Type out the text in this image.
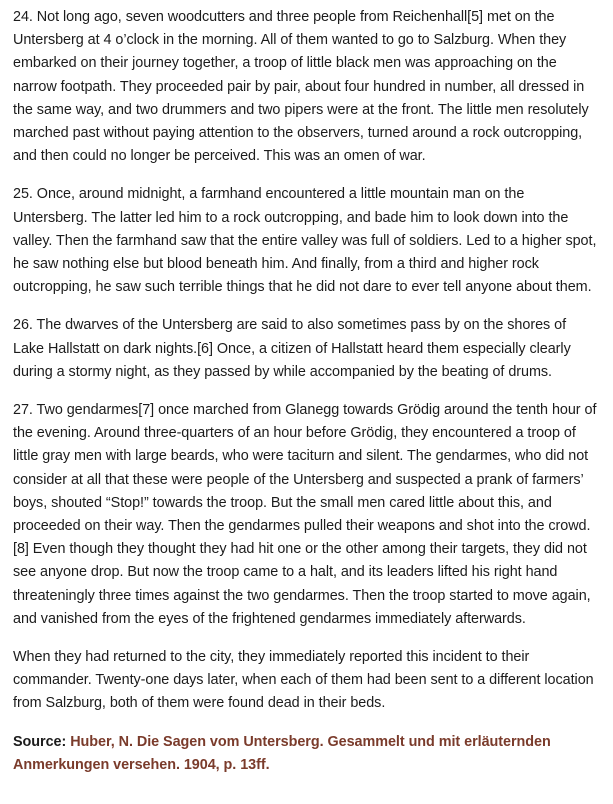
24. Not long ago, seven woodcutters and three people from Reichenhall[5] met on the Untersberg at 4 o’clock in the morning. All of them wanted to go to Salzburg. When they embarked on their journey together, a troop of little black men was approaching on the narrow footpath. They proceeded pair by pair, about four hundred in number, all dressed in the same way, and two drummers and two pipers were at the front. The little men resolutely marched past without paying attention to the observers, turned around a rock outcropping, and then could no longer be perceived. This was an omen of war.

25. Once, around midnight, a farmhand encountered a little mountain man on the Untersberg. The latter led him to a rock outcropping, and bade him to look down into the valley. Then the farmhand saw that the entire valley was full of soldiers. Led to a higher spot, he saw nothing else but blood beneath him. And finally, from a third and higher rock outcropping, he saw such terrible things that he did not dare to ever tell anyone about them.

26. The dwarves of the Untersberg are said to also sometimes pass by on the shores of Lake Hallstatt on dark nights.[6] Once, a citizen of Hallstatt heard them especially clearly during a stormy night, as they passed by while accompanied by the beating of drums.

27. Two gendarmes[7] once marched from Glanegg towards Grödig around the tenth hour of the evening. Around three-quarters of an hour before Grödig, they encountered a troop of little gray men with large beards, who were taciturn and silent. The gendarmes, who did not consider at all that these were people of the Untersberg and suspected a prank of farmers’ boys, shouted “Stop!” towards the troop. But the small men cared little about this, and proceeded on their way. Then the gendarmes pulled their weapons and shot into the crowd.[8] Even though they thought they had hit one or the other among their targets, they did not see anyone drop. But now the troop came to a halt, and its leaders lifted his right hand threateningly three times against the two gendarmes. Then the troop started to move again, and vanished from the eyes of the frightened gendarmes immediately afterwards.

When they had returned to the city, they immediately reported this incident to their commander. Twenty-one days later, when each of them had been sent to a different location from Salzburg, both of them were found dead in their beds.

Source: Huber, N. Die Sagen vom Untersberg. Gesammelt und mit erläuternden Anmerkungen versehen. 1904, p. 13ff.
